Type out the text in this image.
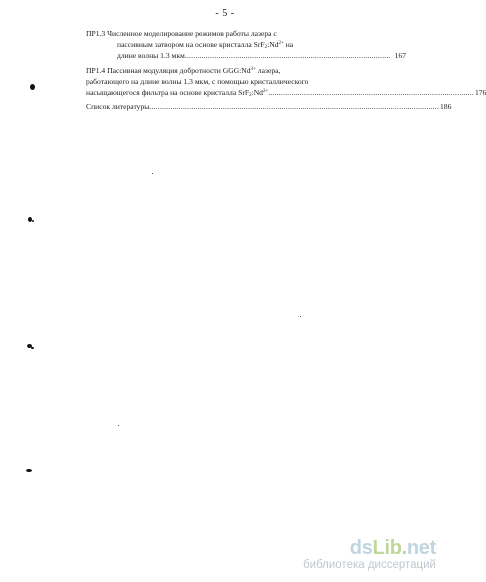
- 5 -
ПР1.3 Численное моделирование режимов работы лазера с
пассивным затвором на основе кристалла $SrF_2:Nd^{2+}$ на
длине волны 1.3 мкм .................................................................................................. 167
ПР1.4 Пассивная модуляция добротности $GGG:Nd^{3+}$ лазера,
работающего на длине волны 1.3 мкм, с помощью кристаллического
насыщающегося фильтра на основе кристалла $SrF_2:Nd^{2+}$ .................................................................................................. 176
Список литературы .......................................................................................................................................... 186
dsLib.net
библиотека диссертаций
